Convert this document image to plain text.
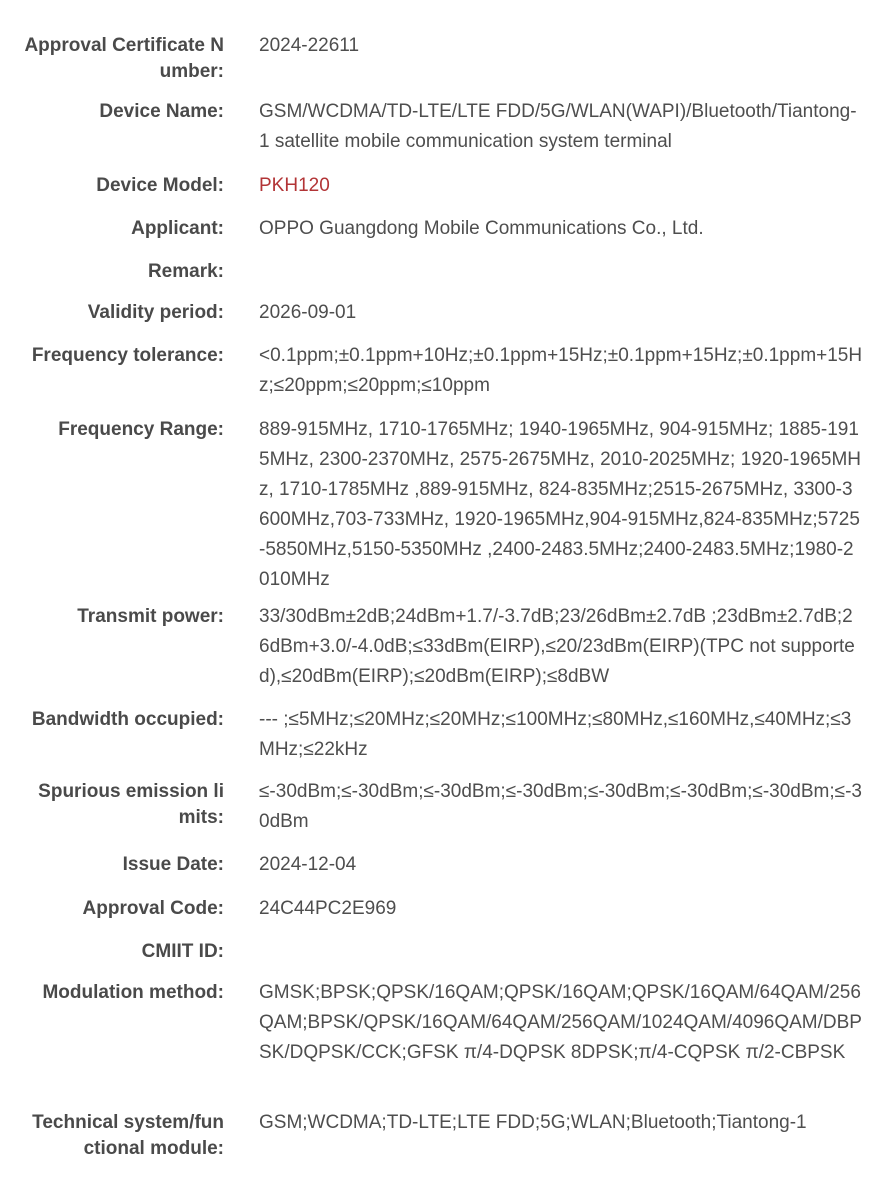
Approval Certificate Number:
2024-22611
Device Name: GSM/WCDMA/TD-LTE/LTE FDD/5G/WLAN(WAPI)/Bluetooth/Tiantong-1 satellite mobile communication system terminal
Device Model: PKH120
Applicant: OPPO Guangdong Mobile Communications Co., Ltd.
Remark:
Validity period: 2026-09-01
Frequency tolerance: <0.1ppm;±0.1ppm+10Hz;±0.1ppm+15Hz;±0.1ppm+15Hz;±0.1ppm+15Hz;≤20ppm;≤20ppm;≤10ppm
Frequency Range: 889-915MHz, 1710-1765MHz; 1940-1965MHz, 904-915MHz; 1885-1915MHz, 2300-2370MHz, 2575-2675MHz, 2010-2025MHz; 1920-1965MHz, 1710-1785MHz ,889-915MHz, 824-835MHz;2515-2675MHz, 3300-3600MHz,703-733MHz, 1920-1965MHz,904-915MHz,824-835MHz;5725-5850MHz,5150-5350MHz ,2400-2483.5MHz;2400-2483.5MHz;1980-2010MHz
Transmit power: 33/30dBm±2dB;24dBm+1.7/-3.7dB;23/26dBm±2.7dB ;23dBm±2.7dB;26dBm+3.0/-4.0dB;≤33dBm(EIRP),≤20/23dBm(EIRP)(TPC not supported),≤20dBm(EIRP);≤20dBm(EIRP);≤8dBW
Bandwidth occupied: --- ;≤5MHz;≤20MHz;≤20MHz;≤100MHz;≤80MHz,≤160MHz,≤40MHz;≤3MHz;≤22kHz
Spurious emission limits:
≤-30dBm;≤-30dBm;≤-30dBm;≤-30dBm;≤-30dBm;≤-30dBm;≤-30dBm;≤-30dBm
Issue Date: 2024-12-04
Approval Code: 24C44PC2E969
CMIIT ID:
Modulation method: GMSK;BPSK;QPSK/16QAM;QPSK/16QAM;QPSK/16QAM/64QAM/256QAM;BPSK/QPSK/16QAM/64QAM/256QAM/1024QAM/4096QAM/DBPSK/DQPSK/CCK;GFSK π/4-DQPSK 8DPSK;π/4-CQPSK π/2-CBPSK
Technical system/functional module:
GSM;WCDMA;TD-LTE;LTE FDD;5G;WLAN;Bluetooth;Tiantong-1
